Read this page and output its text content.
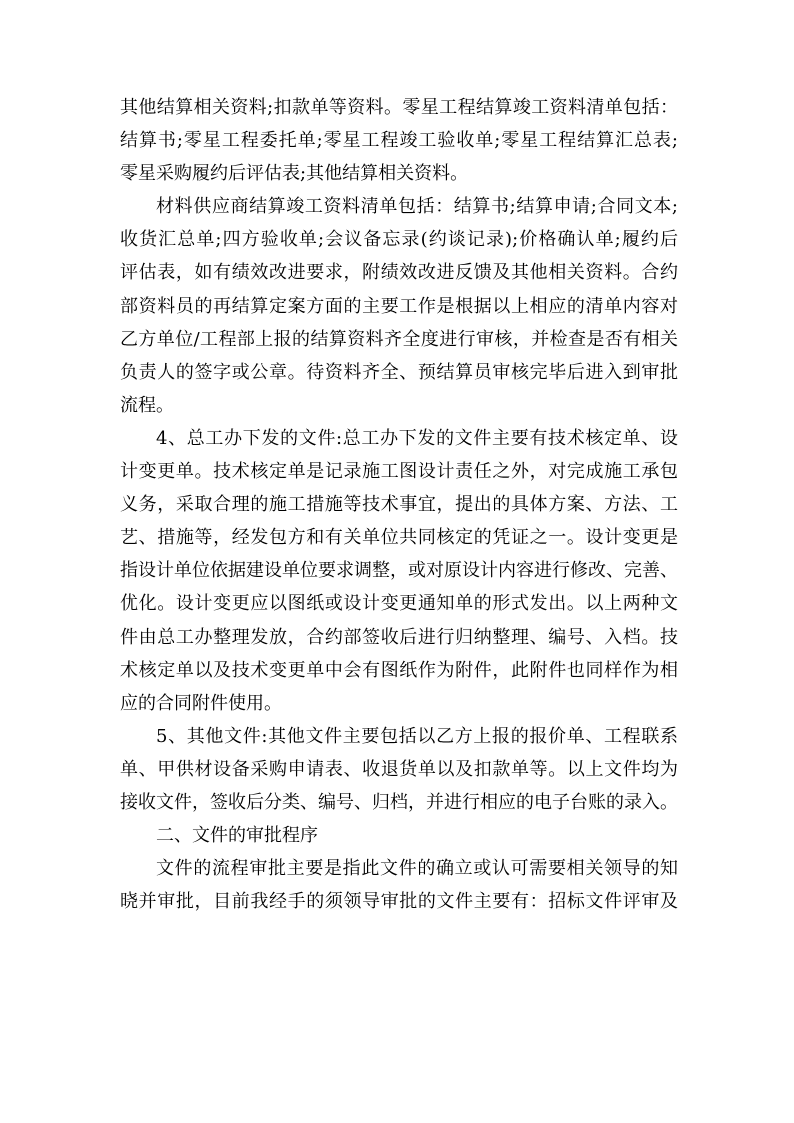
其他结算相关资料;扣款单等资料。零星工程结算竣工资料清单包括：
结算书;零星工程委托单;零星工程竣工验收单;零星工程结算汇总表;
零星采购履约后评估表;其他结算相关资料。
材料供应商结算竣工资料清单包括：结算书;结算申请;合同文本;
收货汇总单;四方验收单;会议备忘录(约谈记录);价格确认单;履约后
评估表，如有绩效改进要求，附绩效改进反馈及其他相关资料。合约
部资料员的再结算定案方面的主要工作是根据以上相应的清单内容对
乙方单位/工程部上报的结算资料齐全度进行审核，并检查是否有相关
负责人的签字或公章。待资料齐全、预结算员审核完毕后进入到审批
流程。
4、总工办下发的文件:总工办下发的文件主要有技术核定单、设
计变更单。技术核定单是记录施工图设计责任之外，对完成施工承包
义务，采取合理的施工措施等技术事宜，提出的具体方案、方法、工
艺、措施等，经发包方和有关单位共同核定的凭证之一。设计变更是
指设计单位依据建设单位要求调整，或对原设计内容进行修改、完善、
优化。设计变更应以图纸或设计变更通知单的形式发出。以上两种文
件由总工办整理发放，合约部签收后进行归纳整理、编号、入档。技
术核定单以及技术变更单中会有图纸作为附件，此附件也同样作为相
应的合同附件使用。
5、其他文件:其他文件主要包括以乙方上报的报价单、工程联系
单、甲供材设备采购申请表、收退货单以及扣款单等。以上文件均为
接收文件，签收后分类、编号、归档，并进行相应的电子台账的录入。
二、文件的审批程序
文件的流程审批主要是指此文件的确立或认可需要相关领导的知
晓并审批，目前我经手的须领导审批的文件主要有：招标文件评审及
